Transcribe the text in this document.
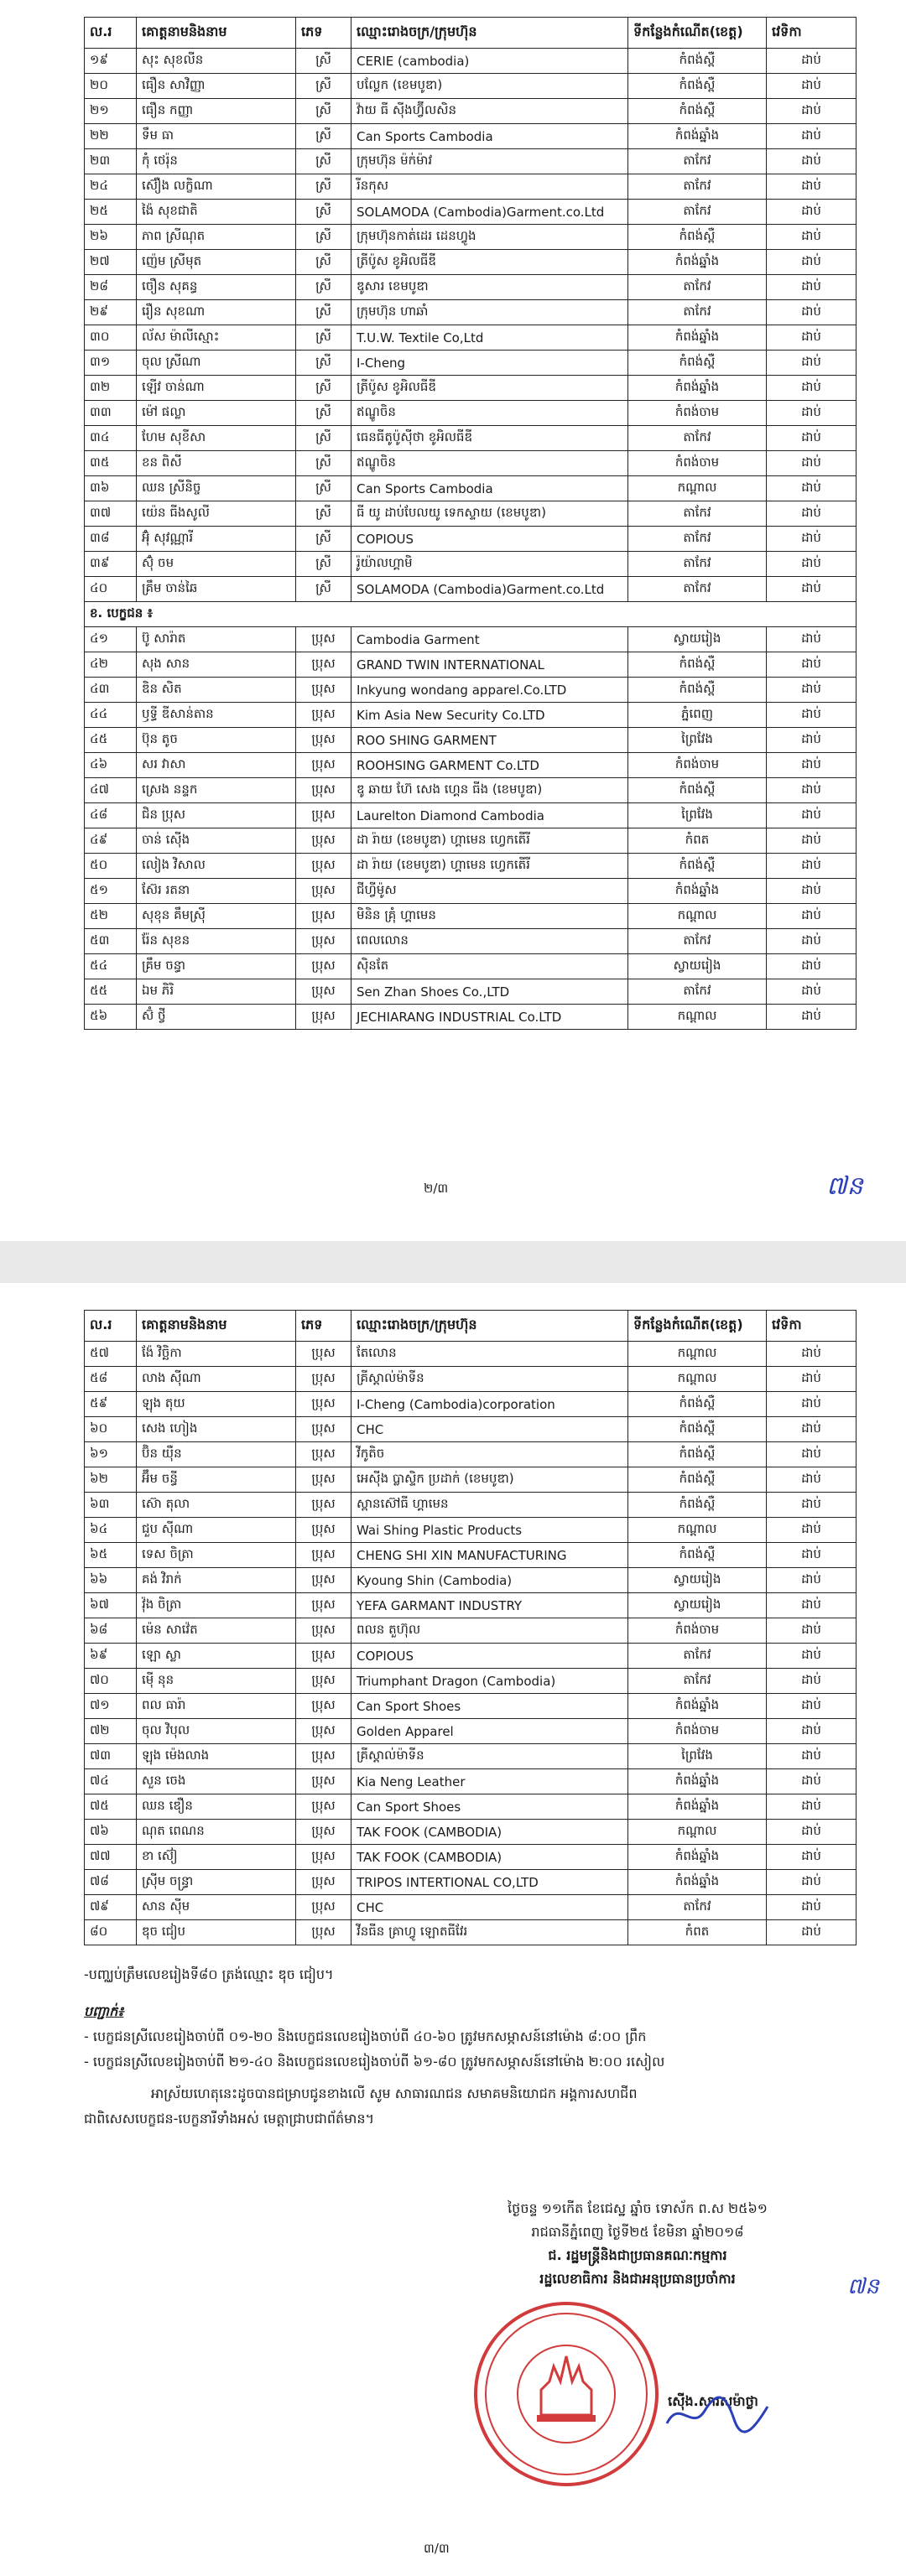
ល.រ	គោត្តនាមនិងនាម	ភេទ	ឈ្មោះរោងចក្រ/ក្រុមហ៊ុន	ទីកន្លែងកំណើត(ខេត្ត)	វេទិកា
១៩	សុះ សុខលីន	ស្រី	CERIE (cambodia)	កំពង់ស្ពឺ	ដាប់
២០	ធឿន សាវិញ្ញា	ស្រី	បល្លែក (ខេមបូឌា)	កំពង់ស្ពឺ	ដាប់
២១	ធឿន កញ្ញា	ស្រី	វ៉ាយ ធី ស៊ីងហ្វ៊ីលសិន	កំពង់ស្ពឺ	ដាប់
២២	ទឹម ធា	ស្រី	Can Sports Cambodia	កំពង់ឆ្នាំង	ដាប់
២៣	កុំ ថេរ៉ុន	ស្រី	ក្រុមហ៊ុន ម៉ក់ម៉ាវ	តាកែវ	ដាប់
២៤	ស៊ឿង លក្ខិណា	ស្រី	រីនកុស	តាកែវ	ដាប់
២៥	ង៉ៃ សុខជាតិ	ស្រី	SOLAMODA (Cambodia)Garment.co.Ltd	តាកែវ	ដាប់
២៦	ភាព ស្រីណុត	ស្រី	ក្រុមហ៊ុនកាត់ដេរ ដេនហ្វូង	កំពង់ស្ពឺ	ដាប់
២៧	ញ៉េម ស្រីមុត	ស្រី	ត្រីប៉ូស ខូអិលធីឌី	កំពង់ឆ្នាំង	ដាប់
២៨	ចឿន សុគន្ធ	ស្រី	ឌូសារ ខេមបូឌា	តាកែវ	ដាប់
២៩	រឿន សុខណា	ស្រី	ក្រុមហ៊ុន ហាឆាំ	តាកែវ	ដាប់
៣០	ល័ស ម៉ាលីស្មោះ	ស្រី	T.U.W. Textile Co,Ltd	កំពង់ឆ្នាំង	ដាប់
៣១	ចុល ស្រីណា	ស្រី	I-Cheng	កំពង់ស្ពឺ	ដាប់
៣២	ឡើវ ចាន់ណា	ស្រី	ត្រីប៉ូស ខូអិលធីឌី	កំពង់ឆ្នាំង	ដាប់
៣៣	ម៉ៅ ផល្លា	ស្រី	ឥណ្ឌូចិន	កំពង់ចាម	ដាប់
៣៤	ហែម សុខីសា	ស្រី	ធេនធីតូប៉ូស៊ីថា ខូអិលធីឌី	តាកែវ	ដាប់
៣៥	ខន ពិសី	ស្រី	ឥណ្ឌូចិន	កំពង់ចាម	ដាប់
៣៦	ឈន ស្រីនិច្ច	ស្រី	Can Sports Cambodia	កណ្តាល	ដាប់
៣៧	យ៉េន ធីងសូលី	ស្រី	ធី យូ ដាប់បែលយូ ទេកស្ទាយ (ខេមបូឌា)	តាកែវ	ដាប់
៣៨	អ៊ុំ សុវណ្ណារី	ស្រី	COPIOUS	តាកែវ	ដាប់
៣៩	ស៊ុំ ចម	ស្រី	រ៉ូយ៉ាលហ្គាមិ	តាកែវ	ដាប់
៤០	គ្រឹម ចាន់ឆៃ	ស្រី	SOLAMODA (Cambodia)Garment.co.Ltd	តាកែវ	ដាប់
ខ. បេក្ខជន ៖					
៤១	ប៊ូ សារ៉ាត	ប្រុស	Cambodia Garment	ស្វាយរៀង	ដាប់
៤២	សុង សាន	ប្រុស	GRAND TWIN INTERNATIONAL	កំពង់ស្ពឺ	ដាប់
៤៣	ឌិន សិត	ប្រុស	Inkyung wondang apparel.Co.LTD	កំពង់ស្ពឺ	ដាប់
៤៤	ឫទ្ធី ឌីសាន់តាន	ប្រុស	Kim Asia New Security Co.LTD	ភ្នំពេញ	ដាប់
៤៥	ប៊ុន តូច	ប្រុស	ROO SHING GARMENT	ព្រៃវែង	ដាប់
៤៦	សរ វាសា	ប្រុស	ROOHSING GARMENT Co.LTD	កំពង់ចាម	ដាប់
៤៧	ស្រេង នន្ទក	ប្រុស	ឌូ ឆាយ ហ៊ែ សេង ហ្គេន ធីង (ខេមបូឌា)	កំពង់ស្ពឺ	ដាប់
៤៨	ជិន ប្រុស	ប្រុស	Laurelton Diamond Cambodia	ព្រៃវែង	ដាប់
៤៩	ចាន់ ស៊ើង	ប្រុស	ដា រ៉ាយ (ខេមបូឌា) ហ្គាមេន ហ្វេកតើរី	កំពត	ដាប់
៥០	លៀង វិសាល	ប្រុស	ដា រ៉ាយ (ខេមបូឌា) ហ្គាមេន ហ្វេកតើរី	កំពង់ស្ពឺ	ដាប់
៥១	ស៊ែរ រតនា	ប្រុស	ជីហ្វីម៉ូស	កំពង់ឆ្នាំង	ដាប់
៥២	សុខុន គឹមស្រ៊ី	ប្រុស	មិនិន គ្រុំ ហ្គាមេន	កណ្តាល	ដាប់
៥៣	រ៉ែន សុខន	ប្រុស	ពេលលោន	តាកែវ	ដាប់
៥៤	គ្រឹម ចន្ធា	ប្រុស	ស៊ិនតែ	ស្វាយរៀង	ដាប់
៥៥	ឯម ភិរិ	ប្រុស	Sen Zhan Shoes Co.,LTD	តាកែវ	ដាប់
៥៦	ស៊ំ ថ្វី	ប្រុស	JECHIARANG INDUSTRIAL Co.LTD	កណ្តាល	ដាប់
២/៣	៧ន
ល.រ	គោត្តនាមនិងនាម	ភេទ	ឈ្មោះរោងចក្រ/ក្រុមហ៊ុន	ទីកន្លែងកំណើត(ខេត្ត)	វេទិកា
៥៧	ង៉ែ វិច្ឆិកា	ប្រុស	តែលោន	កណ្តាល	ដាប់
៥៨	លាង ស៊ីណា	ប្រុស	គ្រីស្តាល់ម៉ាទីន	កណ្តាល	ដាប់
៥៩	ឡុង តុយ	ប្រុស	I-Cheng (Cambodia)corporation	កំពង់ស្ពឺ	ដាប់
៦០	សេង ហៀង	ប្រុស	CHC	កំពង់ស្ពឺ	ដាប់
៦១	ប៊ិន យ៉ឺន	ប្រុស	វីកូតិច	កំពង់ស្ពឺ	ដាប់
៦២	អ៊ឹម ចន្ធី	ប្រុស	អេស៊ីង ប្លាស្ទិក ប្រដាក់ (ខេមបូឌា)	កំពង់ស្ពឺ	ដាប់
៦៣	ស៊ោ តុលា	ប្រុស	ស្ពានស៊ៅធី ហ្គាមេន	កំពង់ស្ពឺ	ដាប់
៦៤	ជួប ស៊ីណា	ប្រុស	Wai Shing Plastic Products	កណ្តាល	ដាប់
៦៥	ទេស ចិត្រា	ប្រុស	CHENG SHI XIN MANUFACTURING	កំពង់ស្ពឺ	ដាប់
៦៦	គង់ វិរាក់	ប្រុស	Kyoung Shin (Cambodia)	ស្វាយរៀង	ដាប់
៦៧	វ៉ុង ចិត្រា	ប្រុស	YEFA GARMANT INDUSTRY	ស្វាយរៀង	ដាប់
៦៨	ម៉េន សាវ៉េត	ប្រុស	ពលន តួហ៊ុល	កំពង់ចាម	ដាប់
៦៩	ឡោ ស្លា	ប្រុស	COPIOUS	តាកែវ	ដាប់
៧០	ម៉ើ នុន	ប្រុស	Triumphant Dragon (Cambodia)	តាកែវ	ដាប់
៧១	ពល ធារ៉ា	ប្រុស	Can Sport Shoes	កំពង់ឆ្នាំង	ដាប់
៧២	ចុល វិបុល	ប្រុស	Golden Apparel	កំពង់ចាម	ដាប់
៧៣	ឡុង ម៉េងលាង	ប្រុស	គ្រីស្តាល់ម៉ាទីន	ព្រៃវែង	ដាប់
៧៤	សួន ចេង	ប្រុស	Kia Neng Leather	កំពង់ឆ្នាំង	ដាប់
៧៥	ឈន ឌឿន	ប្រុស	Can Sport Shoes	កំពង់ឆ្នាំង	ដាប់
៧៦	ណុត ពេណន	ប្រុស	TAK FOOK (CAMBODIA)	កណ្តាល	ដាប់
៧៧	ខា ស៊ៀ	ប្រុស	TAK FOOK (CAMBODIA)	កំពង់ឆ្នាំង	ដាប់
៧៨	ស្រ៊ីម ចន្ធ្រា	ប្រុស	TRIPOS INTERTIONAL CO,LTD	កំពង់ឆ្នាំង	ដាប់
៧៩	សាន ស៊ីម	ប្រុស	CHC	តាកែវ	ដាប់
៨០	ឌុច ជៀប	ប្រុស	វីនធីន គ្រាហ្វូ ឡោតធីវែរ	កំពត	ដាប់
-បញ្ឈប់ត្រឹមលេខរៀងទី៨០ ត្រង់ឈ្មោះ ឌុច ជៀប។
បញ្ជាក់៖
- បេក្ខជនស្រីលេខរៀងចាប់ពី ០១-២០ និងបេក្ខជនលេខរៀងចាប់ពី ៤០-៦០ ត្រូវមកសម្ភាសន៍នៅម៉ោង ៨:០០ ព្រឹក
- បេក្ខជនស្រីលេខរៀងចាប់ពី ២១-៤០ និងបេក្ខជនលេខរៀងចាប់ពី ៦១-៨០ ត្រូវមកសម្ភាសន៍នៅម៉ោង ២:០០ រសៀល
អាស្រ័យហេតុនេះដូចបានជម្រាបជូនខាងលើ សូម សាធារណជន សមាគមនិយោជក អង្គការសហជីព
ជាពិសេសបេក្ខជន-បេក្ខនារីទាំងអស់ មេត្តាជ្រាបជាព័ត៌មាន។
ថ្ងៃចន្ទ ១១កើត ខែជេស្ឋ ឆ្នាំច ទោស័ក ព.ស ២៥៦១
រាជធានីភ្នំពេញ ថ្ងៃទី២៥ ខែមិនា ឆ្នាំ២០១៨
ជ. រដ្ឋមន្ត្រីនិងជាប្រធានគណៈកម្មការ
រដ្ឋលេខាធិការ និងជាអនុប្រធានប្រចាំការ
ស៊ើង.សារសុម៉ាថ្លា
៧ន
៣/៣
